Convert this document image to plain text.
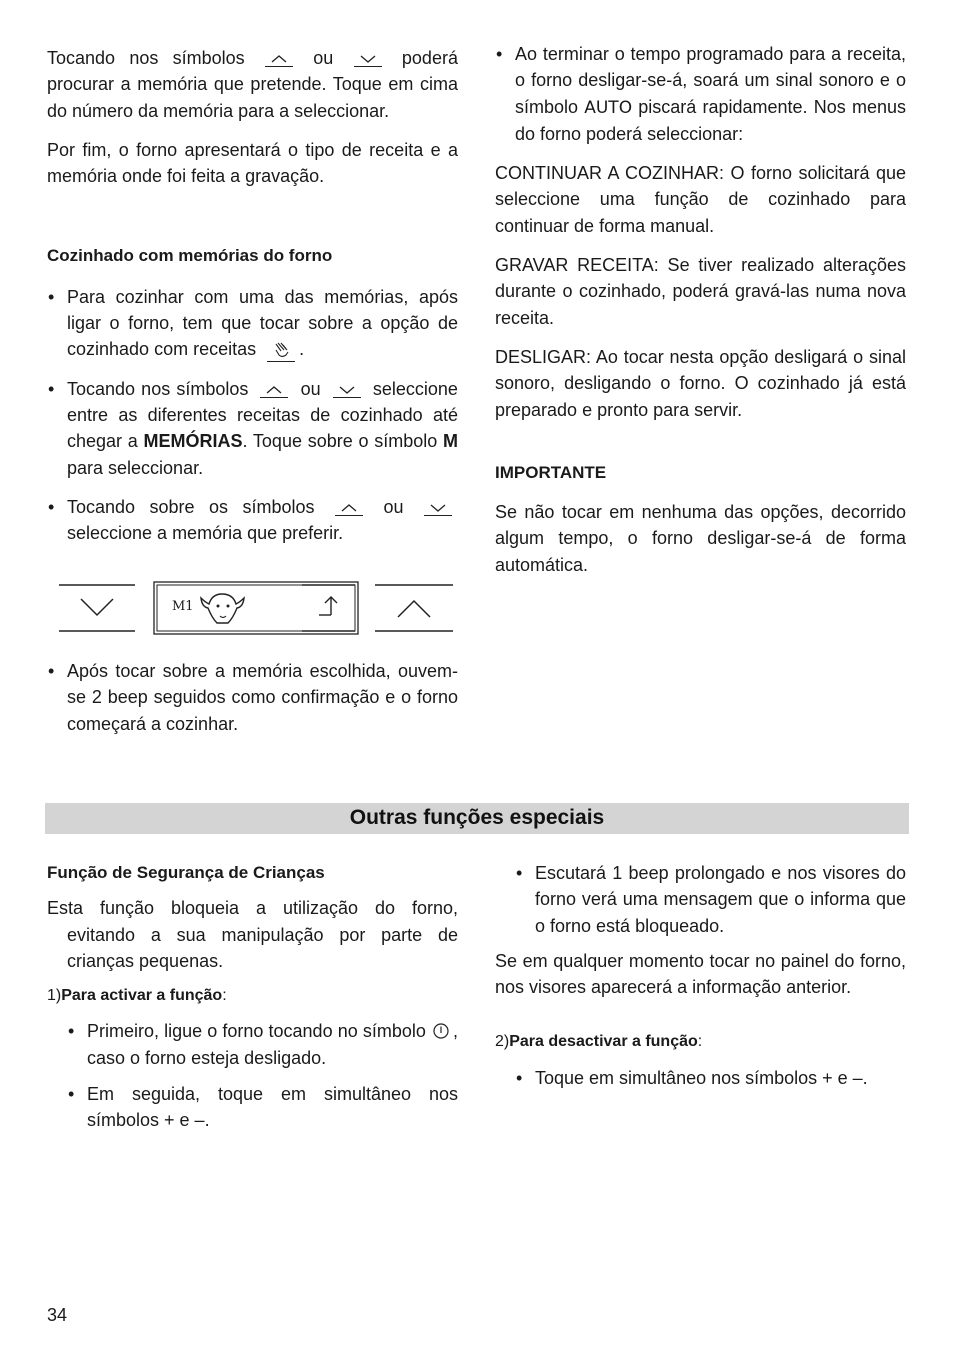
Tocando nos símbolos	ou	poderá procurar a memória que pretende. Toque em cima do número da memória para a seleccionar.

Por fim, o forno apresentará o tipo de receita e a memória onde foi feita a gravação.

Cozinhado com memórias do forno

• Para cozinhar com uma das memórias, após ligar o forno, tem que tocar sobre a opção de cozinhado com receitas .

• Tocando nos símbolos	ou	seleccione entre as diferentes receitas de cozinhado até chegar a MEMÓRIAS. Toque sobre o símbolo M para seleccionar.

• Tocando sobre os símbolos	ou
seleccione a memória que preferir.

M1

• Após tocar sobre a memória escolhida, ouvem-se 2 beep seguidos como confirmação e o forno começará a cozinhar.

• Ao terminar o tempo programado para a receita, o forno desligar-se-á, soará um sinal sonoro e o símbolo AUTO piscará rapidamente. Nos menus do forno poderá seleccionar:

CONTINUAR A COZINHAR: O forno solicitará que seleccione uma função de cozinhado para continuar de forma manual.

GRAVAR RECEITA: Se tiver realizado alterações durante o cozinhado, poderá gravá-las numa nova receita.

DESLIGAR: Ao tocar nesta opção desligará o sinal sonoro, desligando o forno. O cozinhado já está preparado e pronto para servir.

IMPORTANTE

Se não tocar em nenhuma das opções, decorrido algum tempo, o forno desligar-se-á de forma automática.

Outras funções especiais

Função de Segurança de Crianças

Esta função bloqueia a utilização do forno, evitando a sua manipulação por parte de crianças pequenas.

1)Para activar a função:

• Primeiro, ligue o forno tocando no símbolo , caso o forno esteja desligado.

• Em seguida, toque em simultâneo nos símbolos + e –.

• Escutará 1 beep prolongado e nos visores do forno verá uma mensagem que o informa que o forno está bloqueado.

Se em qualquer momento tocar no painel do forno, nos visores aparecerá a informação anterior.

2)Para desactivar a função:

• Toque em simultâneo nos símbolos + e –.

34
